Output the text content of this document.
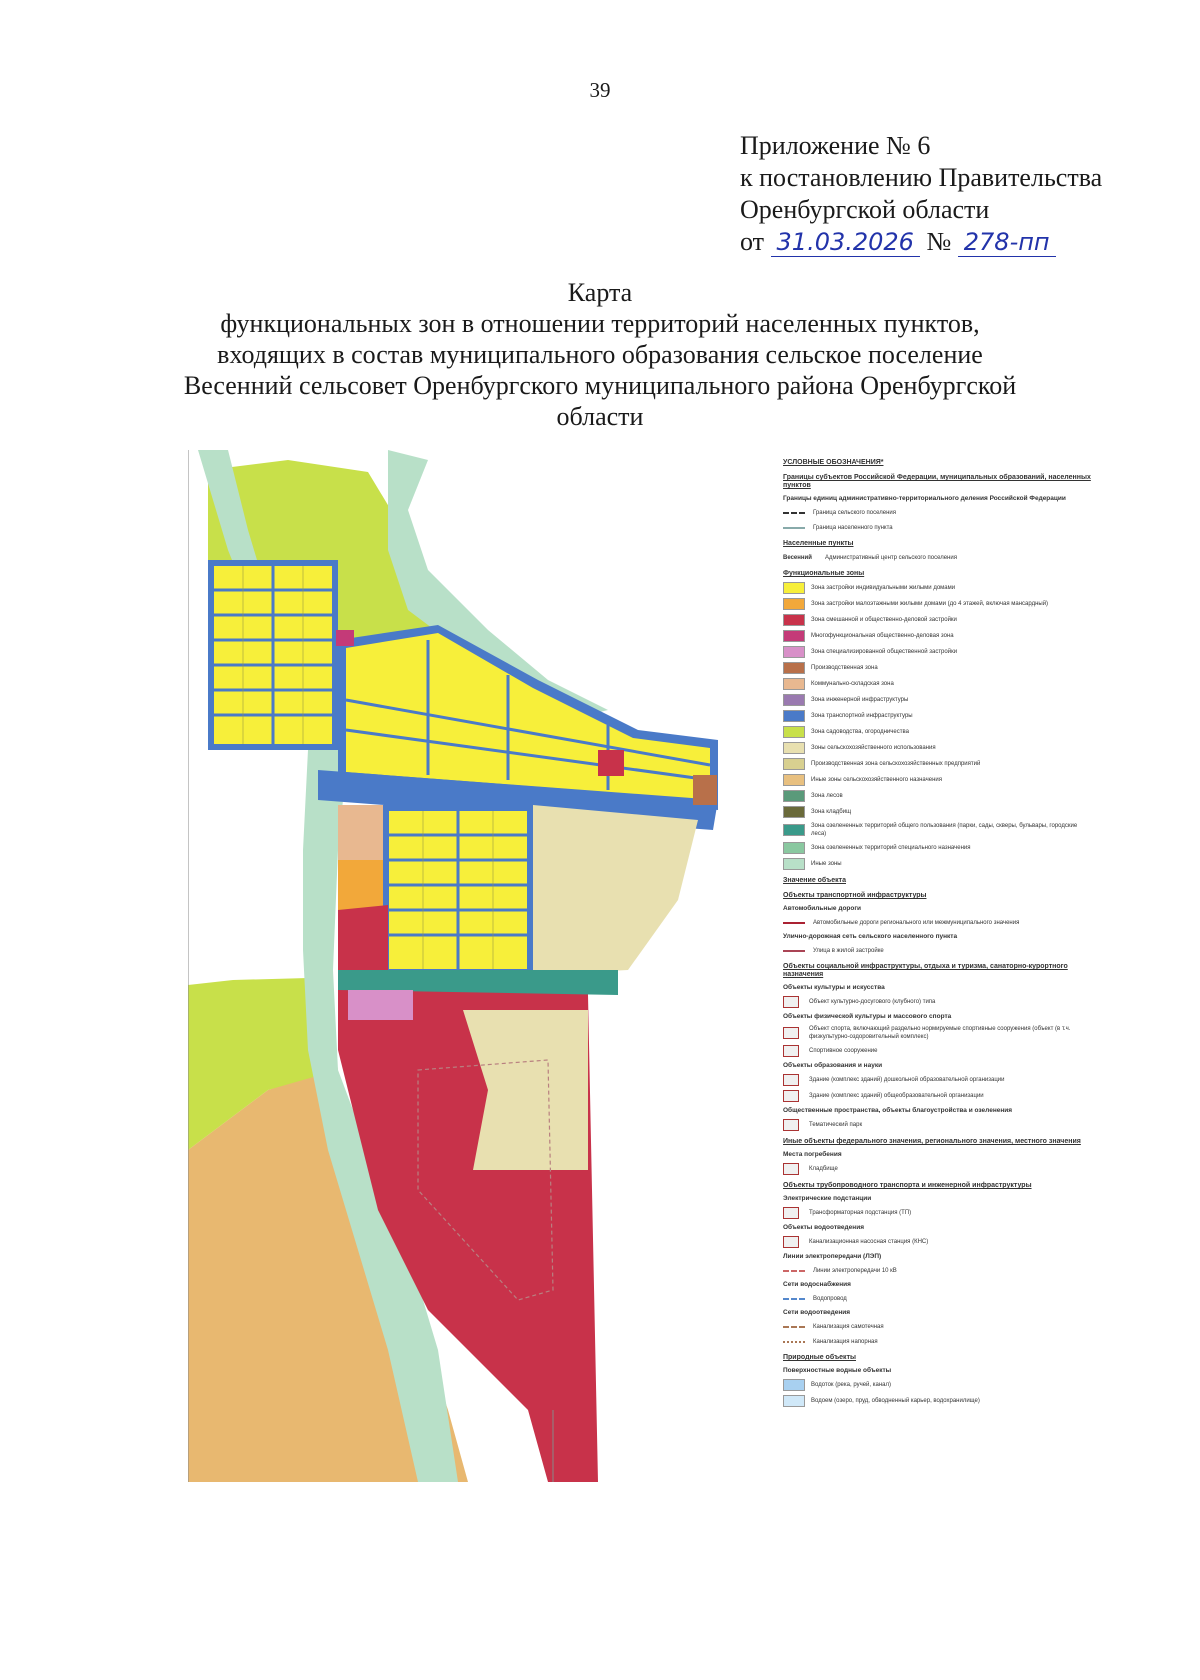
39
Приложение № 6
к постановлению Правительства
Оренбургской области
от 31.03.2026 № 278-пп
Карта
функциональных зон в отношении территорий населенных пунктов,
входящих в состав муниципального образования сельское поселение
Весенний сельсовет Оренбургского муниципального района Оренбургской
области
УСЛОВНЫЕ ОБОЗНАЧЕНИЯ*
Границы субъектов Российской Федерации, муниципальных образований, населенных пунктов
Границы единиц административно-территориального деления Российской Федерации
Граница сельского поселения
Граница населенного пункта
Населенные пункты
Весенний	Административный центр сельского поселения
Функциональные зоны
Зона застройки индивидуальными жилыми домами
Зона застройки малоэтажными жилыми домами (до 4 этажей, включая мансардный)
Зона смешанной и общественно-деловой застройки
Многофункциональная общественно-деловая зона
Зона специализированной общественной застройки
Производственная зона
Коммунально-складская зона
Зона инженерной инфраструктуры
Зона транспортной инфраструктуры
Зона садоводства, огородничества
Зоны сельскохозяйственного использования
Производственная зона сельскохозяйственных предприятий
Иные зоны сельскохозяйственного назначения
Зона лесов
Зона кладбищ
Зона озелененных территорий общего пользования (парки, сады, скверы, бульвары, городские леса)
Зона озелененных территорий специального назначения
Иные зоны
Значение объекта
Объекты транспортной инфраструктуры
Автомобильные дороги
Автомобильные дороги регионального или межмуниципального значения
Улично-дорожная сеть сельского населенного пункта
Улица в жилой застройке
Объекты социальной инфраструктуры, отдыха и туризма, санаторно-курортного назначения
Объекты культуры и искусства
Объект культурно-досугового (клубного) типа
Объекты физической культуры и массового спорта
Объект спорта, включающий раздельно нормируемые спортивные сооружения (объект (в т.ч. физкультурно-оздоровительный комплекс)
Спортивное сооружение
Объекты образования и науки
Здание (комплекс зданий) дошкольной образовательной организации
Здание (комплекс зданий) общеобразовательной организации
Общественные пространства, объекты благоустройства и озеленения
Тематический парк
Иные объекты федерального значения, регионального значения, местного значения
Места погребения
Кладбище
Объекты трубопроводного транспорта и инженерной инфраструктуры
Электрические подстанции
Трансформаторная подстанция (ТП)
Объекты водоотведения
Канализационная насосная станция (КНС)
Линии электропередачи (ЛЭП)
Линии электропередачи 10 кВ
Сети водоснабжения
Водопровод
Сети водоотведения
Канализация самотечная
Канализация напорная
Природные объекты
Поверхностные водные объекты
Водоток (река, ручей, канал)
Водоем (озеро, пруд, обводненный карьер, водохранилище)
